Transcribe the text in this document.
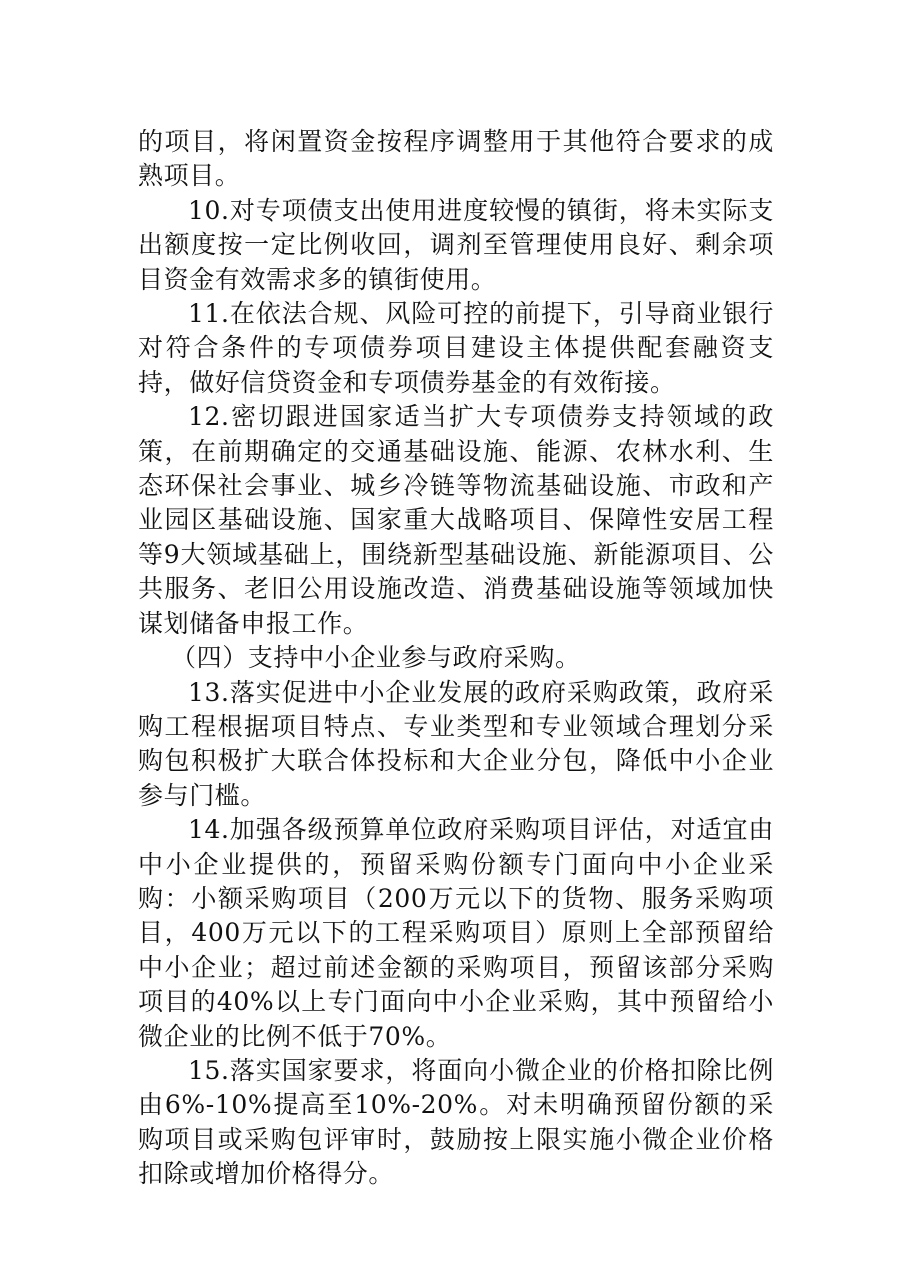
的项目，将闲置资金按程序调整用于其他符合要求的成熟项目。

10.对专项债支出使用进度较慢的镇街，将未实际支出额度按一定比例收回，调剂至管理使用良好、剩余项目资金有效需求多的镇街使用。

11.在依法合规、风险可控的前提下，引导商业银行对符合条件的专项债券项目建设主体提供配套融资支持，做好信贷资金和专项债券基金的有效衔接。

12.密切跟进国家适当扩大专项债券支持领域的政策，在前期确定的交通基础设施、能源、农林水利、生态环保社会事业、城乡冷链等物流基础设施、市政和产业园区基础设施、国家重大战略项目、保障性安居工程等9大领域基础上，围绕新型基础设施、新能源项目、公共服务、老旧公用设施改造、消费基础设施等领域加快谋划储备申报工作。

（四）支持中小企业参与政府采购。

13.落实促进中小企业发展的政府采购政策，政府采购工程根据项目特点、专业类型和专业领域合理划分采购包积极扩大联合体投标和大企业分包，降低中小企业参与门槛。

14.加强各级预算单位政府采购项目评估，对适宜由中小企业提供的，预留采购份额专门面向中小企业采购：小额采购项目（200万元以下的货物、服务采购项目，400万元以下的工程采购项目）原则上全部预留给中小企业；超过前述金额的采购项目，预留该部分采购项目的40%以上专门面向中小企业采购，其中预留给小微企业的比例不低于70%。

15.落实国家要求，将面向小微企业的价格扣除比例由6%-10%提高至10%-20%。对未明确预留份额的采购项目或采购包评审时，鼓励按上限实施小微企业价格扣除或增加价格得分。
